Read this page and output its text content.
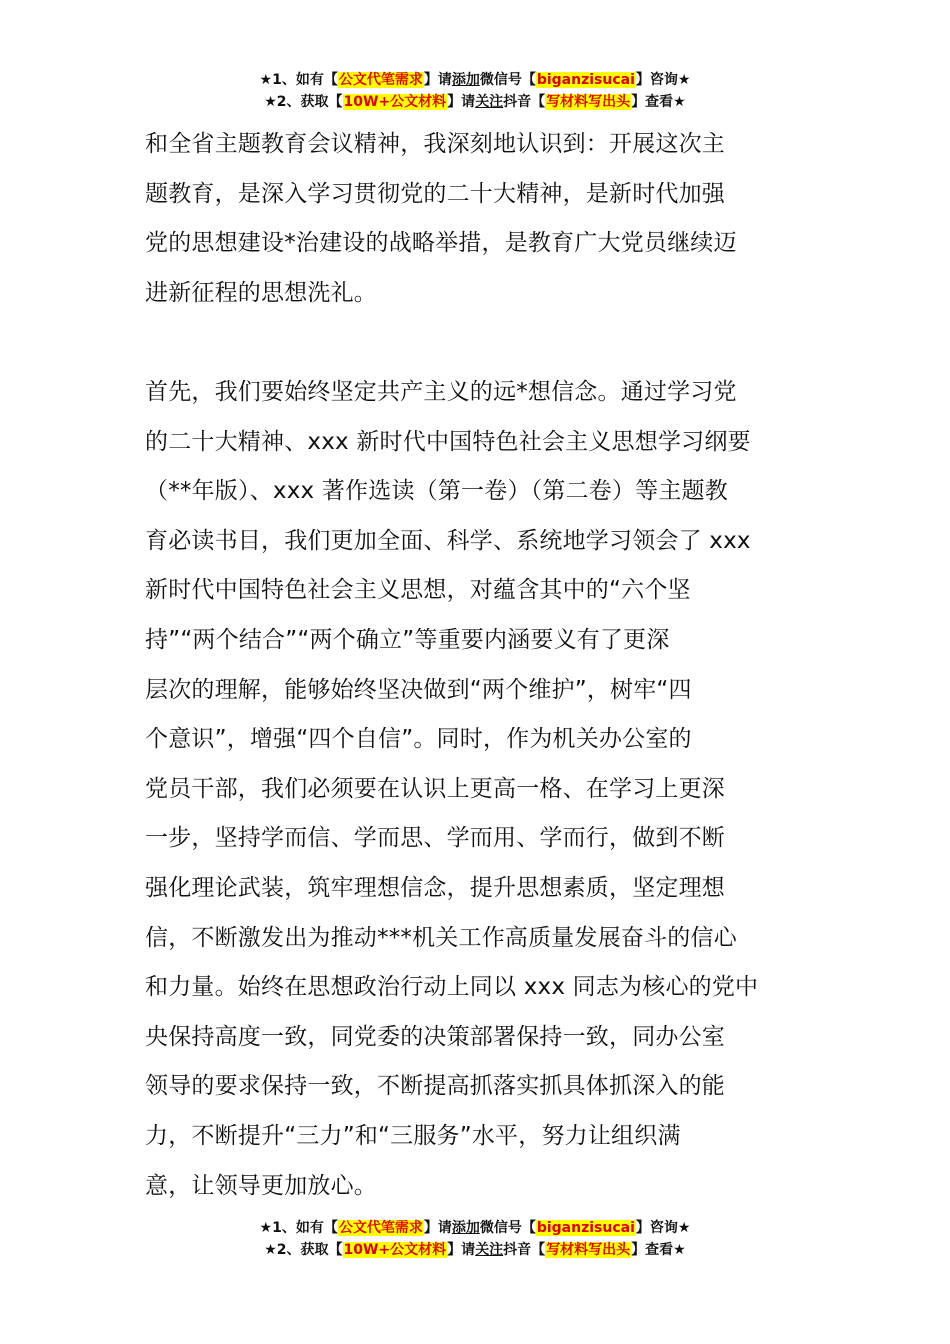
★1、如有【公文代笔需求】请添加微信号【biganzisucai】咨询★
★2、获取【10W+公文材料】请关注抖音【写材料写出头】查看★
和全省主题教育会议精神，我深刻地认识到：开展这次主
题教育，是深入学习贯彻党的二十大精神，是新时代加强
党的思想建设*治建设的战略举措，是教育广大党员继续迈
进新征程的思想洗礼。
首先，我们要始终坚定共产主义的远*想信念。通过学习党
的二十大精神、xxx 新时代中国特色社会主义思想学习纲要
（**年版）、xxx 著作选读（第一卷）（第二卷）等主题教
育必读书目，我们更加全面、科学、系统地学习领会了 xxx
新时代中国特色社会主义思想，对蕴含其中的“六个坚
持”“两个结合”“两个确立”等重要内涵要义有了更深
层次的理解，能够始终坚决做到“两个维护”，树牢“四
个意识”，增强“四个自信”。同时，作为机关办公室的
党员干部，我们必须要在认识上更高一格、在学习上更深
一步，坚持学而信、学而思、学而用、学而行，做到不断
强化理论武装，筑牢理想信念，提升思想素质，坚定理想
信，不断激发出为推动***机关工作高质量发展奋斗的信心
和力量。始终在思想政治行动上同以 xxx 同志为核心的党中
央保持高度一致，同党委的决策部署保持一致，同办公室
领导的要求保持一致，不断提高抓落实抓具体抓深入的能
力，不断提升“三力”和“三服务”水平，努力让组织满
意，让领导更加放心。
★1、如有【公文代笔需求】请添加微信号【biganzisucai】咨询★
★2、获取【10W+公文材料】请关注抖音【写材料写出头】查看★
